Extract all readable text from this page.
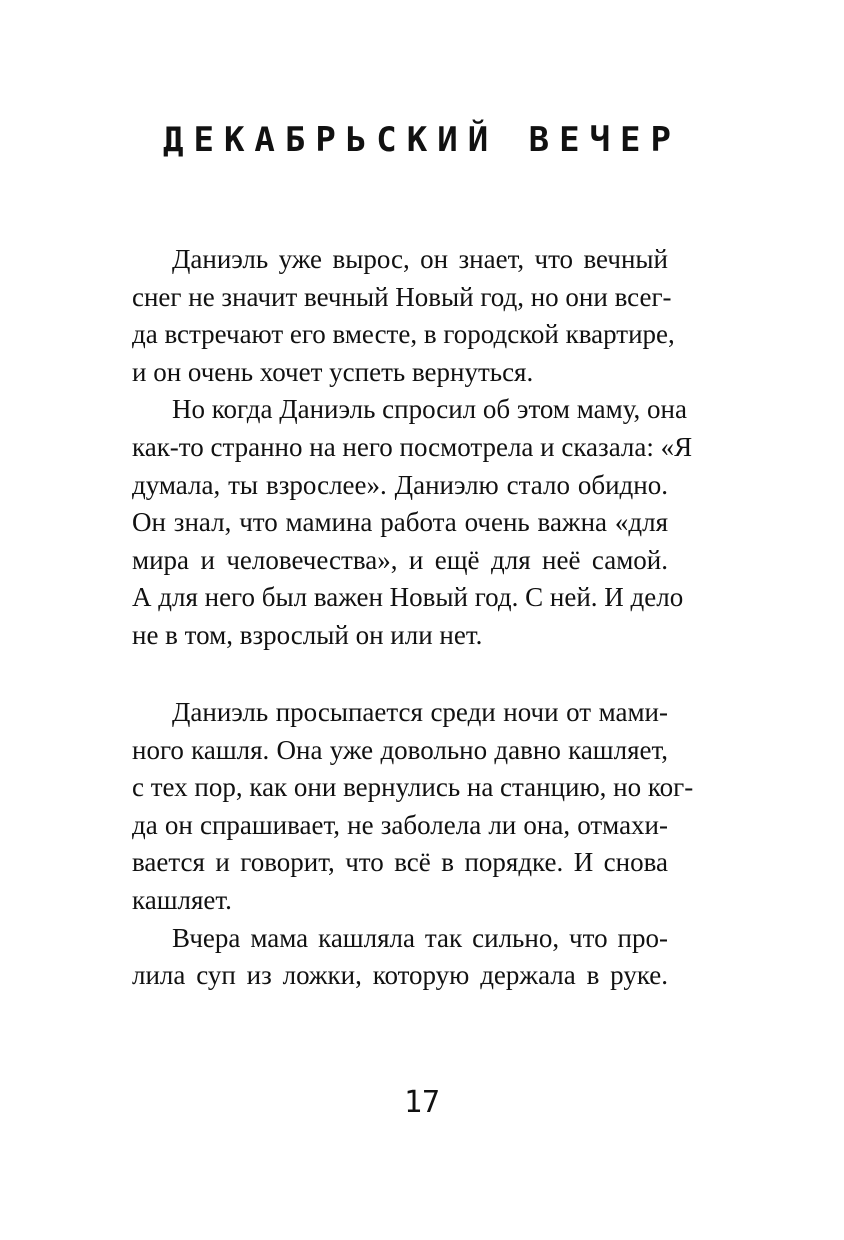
ДЕКАБРЬСКИЙ ВЕЧЕР
Даниэль уже вырос, он знает, что вечный
снег не значит вечный Новый год, но они всег-
да встречают его вместе, в городской квартире,
и он очень хочет успеть вернуться.
Но когда Даниэль спросил об этом маму, она
как-то странно на него посмотрела и сказала: «Я
думала, ты взрослее». Даниэлю стало обидно.
Он знал, что мамина работа очень важна «для
мира и человечества», и ещё для неё самой.
А для него был важен Новый год. С ней. И дело
не в том, взрослый он или нет.
Даниэль просыпается среди ночи от мами-
ного кашля. Она уже довольно давно кашляет,
с тех пор, как они вернулись на станцию, но ког-
да он спрашивает, не заболела ли она, отмахи-
вается и говорит, что всё в порядке. И снова
кашляет.
Вчера мама кашляла так сильно, что про-
лила суп из ложки, которую держала в руке.
17
